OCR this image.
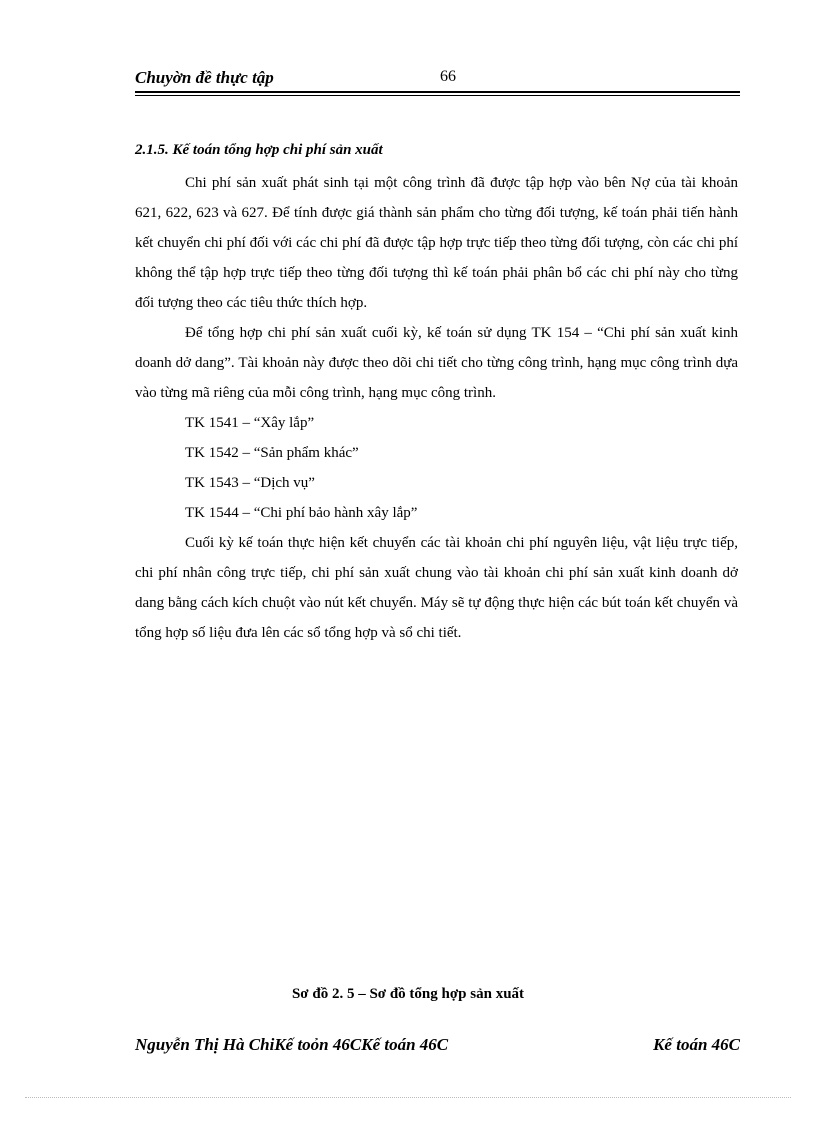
Chuyờn đề thực tập	66
2.1.5. Kế toán tổng hợp chi phí sản xuất

Chi phí sản xuất phát sinh tại một công trình đã được tập hợp vào bên Nợ của tài khoản 621, 622, 623 và 627. Để tính được giá thành sản phẩm cho từng đối tượng, kế toán phải tiến hành kết chuyển chi phí đối với các chi phí đã được tập hợp trực tiếp theo từng đối tượng, còn các chi phí không thể tập hợp trực tiếp theo từng đối tượng thì kế toán phải phân bổ các chi phí này cho từng đối tượng theo các tiêu thức thích hợp.

Để tổng hợp chi phí sản xuất cuối kỳ, kế toán sử dụng TK 154 – “Chi phí sản xuất kinh doanh dở dang”. Tài khoản này được theo dõi chi tiết cho từng công trình, hạng mục công trình dựa vào từng mã riêng của mỗi công trình, hạng mục công trình.

TK 1541 – “Xây lắp”

TK 1542 – “Sản phẩm khác”

TK 1543 – “Dịch vụ”

TK 1544 – “Chi phí bảo hành xây lắp”

Cuối kỳ kế toán thực hiện kết chuyển các tài khoản chi phí nguyên liệu, vật liệu trực tiếp, chi phí nhân công trực tiếp, chi phí sản xuất chung vào tài khoản chi phí sản xuất kinh doanh dở dang bằng cách kích chuột vào nút kết chuyển. Máy sẽ tự động thực hiện các bút toán kết chuyển và tổng hợp số liệu đưa lên các sổ tổng hợp và sổ chi tiết.

Sơ đồ 2. 5 – Sơ đồ tổng hợp sản xuất
Nguyễn Thị Hà ChiKế toỏn 46CKế toán 46C	Kế toán 46C
